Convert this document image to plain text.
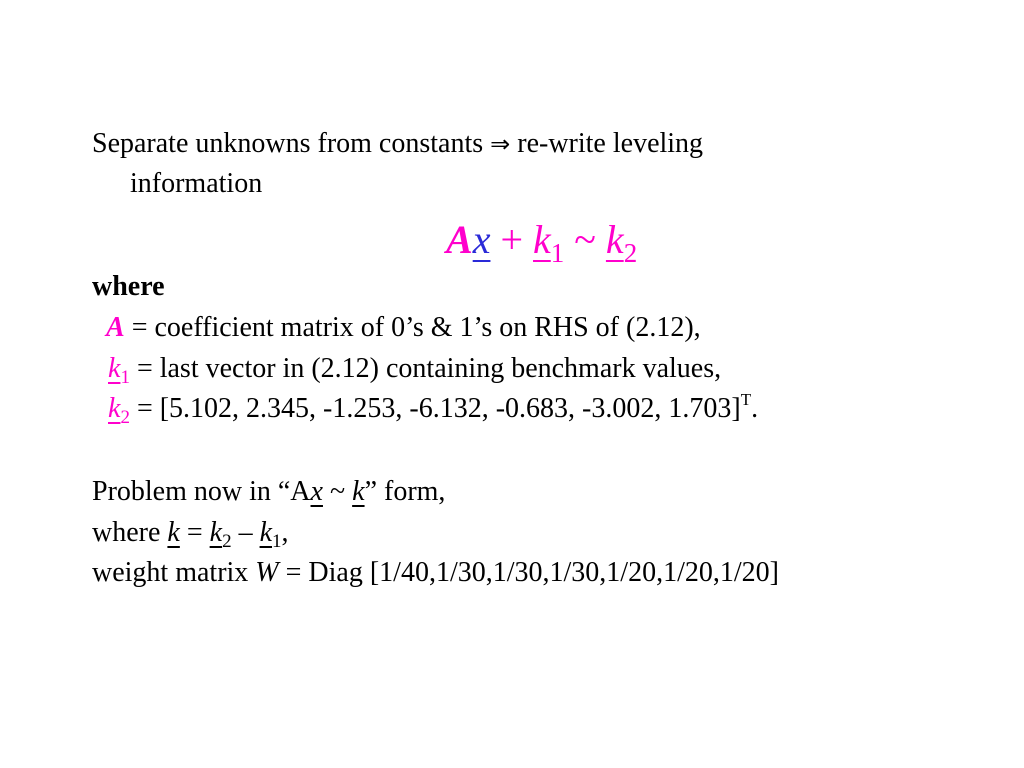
Separate unknowns from constants ⇒ re-write leveling
information
$Ax + k_1$ ~ $k_2$
where
A = coefficient matrix of 0’s & 1’s on RHS of (2.12),
$k_1$ = last vector in (2.12) containing benchmark values,
$k_2 = [5.102$, 2.345, -1.253, -6.132, -0.683, -3.002, 1.703]$^T$.
Problem now in “Ax ~ k” form,
where $k = k_2 - k_1$,
weight matrix W = Diag [1/40,1/30,1/30,1/30,1/20,1/20,1/20]
